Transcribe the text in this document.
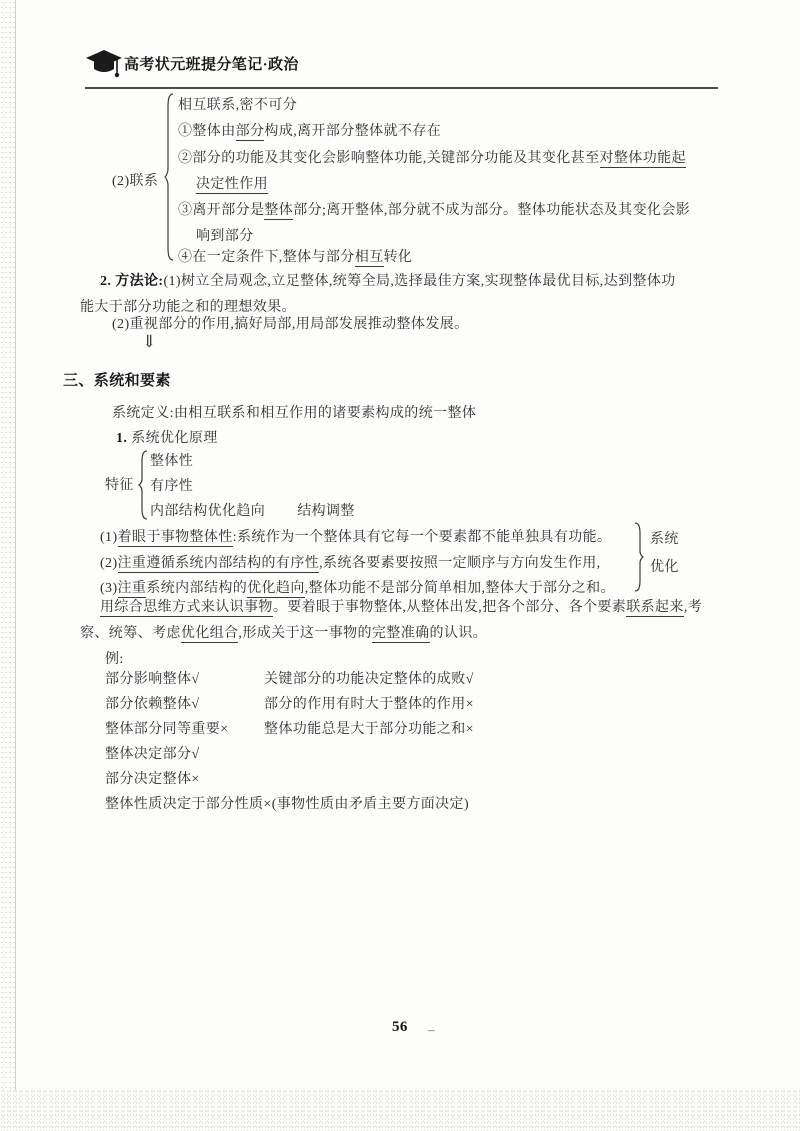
高考状元班提分笔记·政治
(2)联系
相互联系,密不可分
①整体由部分构成,离开部分整体就不存在
②部分的功能及其变化会影响整体功能,关键部分功能及其变化甚至对整体功能起
决定性作用
③离开部分是整体部分;离开整体,部分就不成为部分。整体功能状态及其变化会影
响到部分
④在一定条件下,整体与部分相互转化
2. 方法论:(1)树立全局观念,立足整体,统筹全局,选择最佳方案,实现整体最优目标,达到整体功
能大于部分功能之和的理想效果。
(2)重视部分的作用,搞好局部,用局部发展推动整体发展。
⇓
三、系统和要素
系统定义:由相互联系和相互作用的诸要素构成的统一整体
1. 系统优化原理
特征
整体性
有序性
内部结构优化趋向 结构调整
(1)着眼于事物整体性:系统作为一个整体具有它每一个要素都不能单独具有功能。
(2)注重遵循系统内部结构的有序性,系统各要素要按照一定顺序与方向发生作用,
(3)注重系统内部结构的优化趋向,整体功能不是部分简单相加,整体大于部分之和。
系统
优化
用综合思维方式来认识事物。要着眼于事物整体,从整体出发,把各个部分、各个要素联系起来,考
察、统筹、考虑优化组合,形成关于这一事物的完整准确的认识。
例:
部分影响整体√	关键部分的功能决定整体的成败√
部分依赖整体√	部分的作用有时大于整体的作用×
整体部分同等重要×	整体功能总是大于部分功能之和×
整体决定部分√
部分决定整体×
整体性质决定于部分性质×(事物性质由矛盾主要方面决定)
56 –
